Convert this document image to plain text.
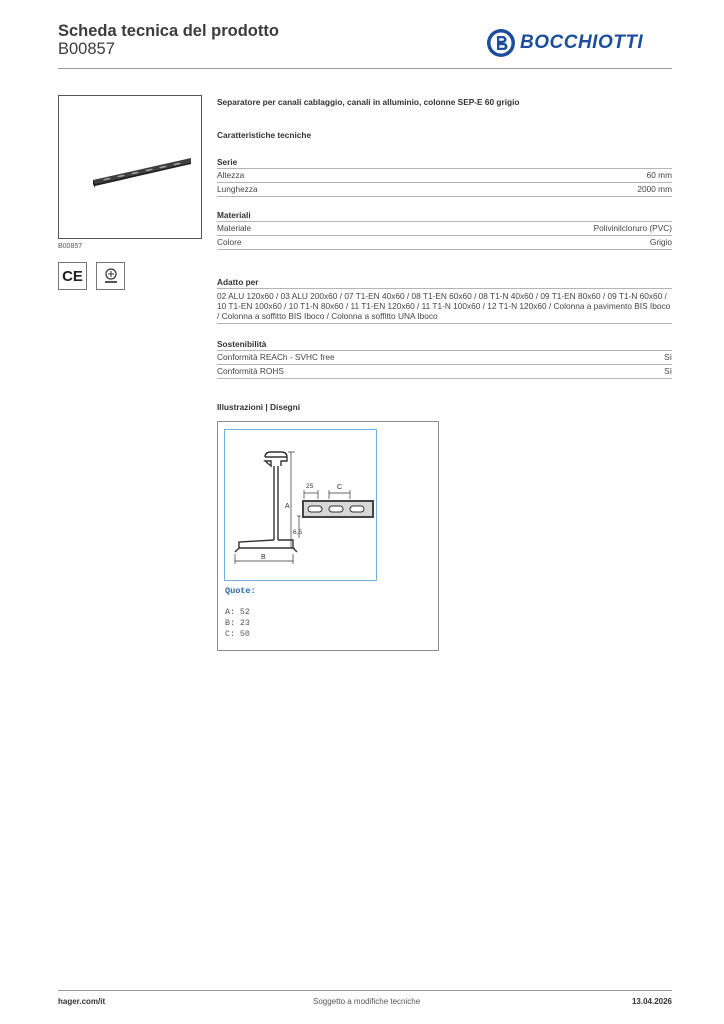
Scheda tecnica del prodotto
B00857	BOCCHIOTTI
B00857
CE
Separatore per canali cablaggio, canali in alluminio, colonne SEP-E 60 grigio
Caratteristiche tecniche
Serie
Altezza	60 mm
Lunghezza	2000 mm
Materiali
Materiale	Polivinilcloruro (PVC)
Colore	Grigio
Adatto per
02 ALU 120x60 / 03 ALU 200x60 / 07 T1-EN 40x60 / 08 T1-EN 60x60 / 08 T1-N 40x60 / 09 T1-EN 80x60 / 09 T1-N 60x60 / 10 T1-EN 100x60 / 10 T1-N 80x60 / 11 T1-EN 120x60 / 11 T1-N 100x60 / 12 T1-N 120x60 / Colonna a pavimento BIS Iboco / Colonna a soffitto BIS Iboco / Colonna a soffitto UNA Iboco
Sostenibilità
Conformità REACh - SVHC free	Sì
Conformità ROHS	Sì
Illustrazioni | Disegni
A
B
25	C
6,5
Quote:
A: 52
B: 23
C: 50
hager.com/it	Soggetto a modifiche tecniche	13.04.2026
